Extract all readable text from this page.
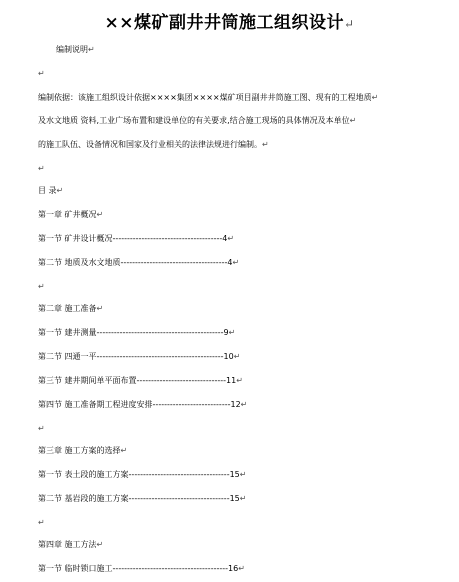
××煤矿副井井筒施工组织设计↵
编制说明↵
↵
编制依据：该施工组织设计依据××××集团××××煤矿项目副井井筒施工图、现有的工程地质↵
及水文地质 资料,工业广场布置和建设单位的有关要求,结合施工现场的具体情况及本单位↵
的施工队伍、设备情况和国家及行业相关的法律法规进行编制。↵
↵
目 录↵
第一章 矿井概况↵
第一节 矿井设计概况--------------------------------------4↵
第二节 地质及水文地质-------------------------------------4↵
↵
第二章 施工准备↵
第一节 建井测量--------------------------------------------9↵
第二节 四通一平--------------------------------------------10↵
第三节 建井期间单平面布置-------------------------------11↵
第四节 施工准备期工程进度安排---------------------------12↵
↵
第三章 施工方案的选择↵
第一节 表土段的施工方案-----------------------------------15↵
第二节 基岩段的施工方案-----------------------------------15↵
↵
第四章 施工方法↵
第一节 临时锁口施工----------------------------------------16↵
